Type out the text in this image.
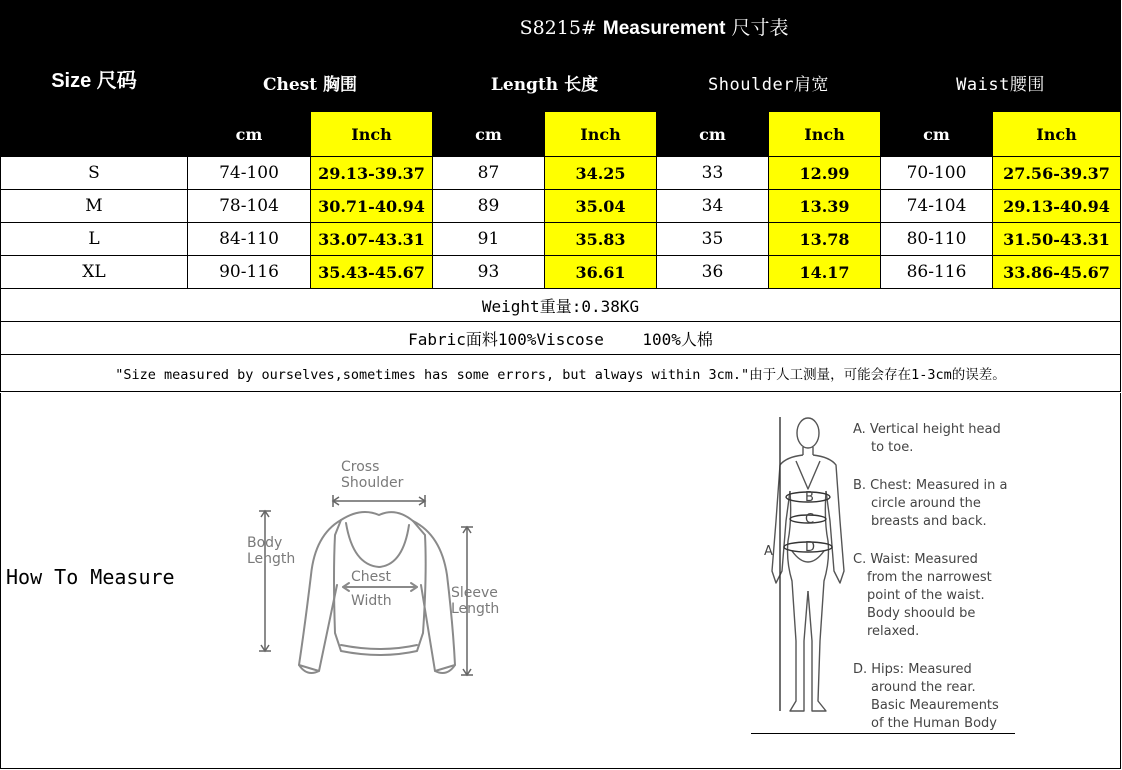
Size 尺码	S8215# Measurement 尺寸表							
	Chest 胸围		Length 长度		Shoulder肩宽		Waist腰围	
	cm	Inch	cm	Inch	cm	Inch	cm	Inch
S	74-100	29.13-39.37	87	34.25	33	12.99	70-100	27.56-39.37
M	78-104	30.71-40.94	89	35.04	34	13.39	74-104	29.13-40.94
L	84-110	33.07-43.31	91	35.83	35	13.78	80-110	31.50-43.31
XL	90-116	35.43-45.67	93	36.61	36	14.17	86-116	33.86-45.67
Weight重量:0.38KG								
Fabric面料100%Viscose    100%人棉								
"Size measured by ourselves,sometimes has some errors, but always within 3cm."由于人工测量，可能会存在1-3cm的误差。								
How To Measure
Cross
Shoulder
Body
Length
Chest
Width	Sleeve
Length
A
B
C
D
A. Vertical height head
to toe.
B. Chest: Measured in a
circle around the
breasts and back.
C. Waist: Measured
from the narrowest
point of the waist.
Body shoould be
relaxed.
D. Hips: Measured
around the rear.
Basic Meaurements
of the Human Body
